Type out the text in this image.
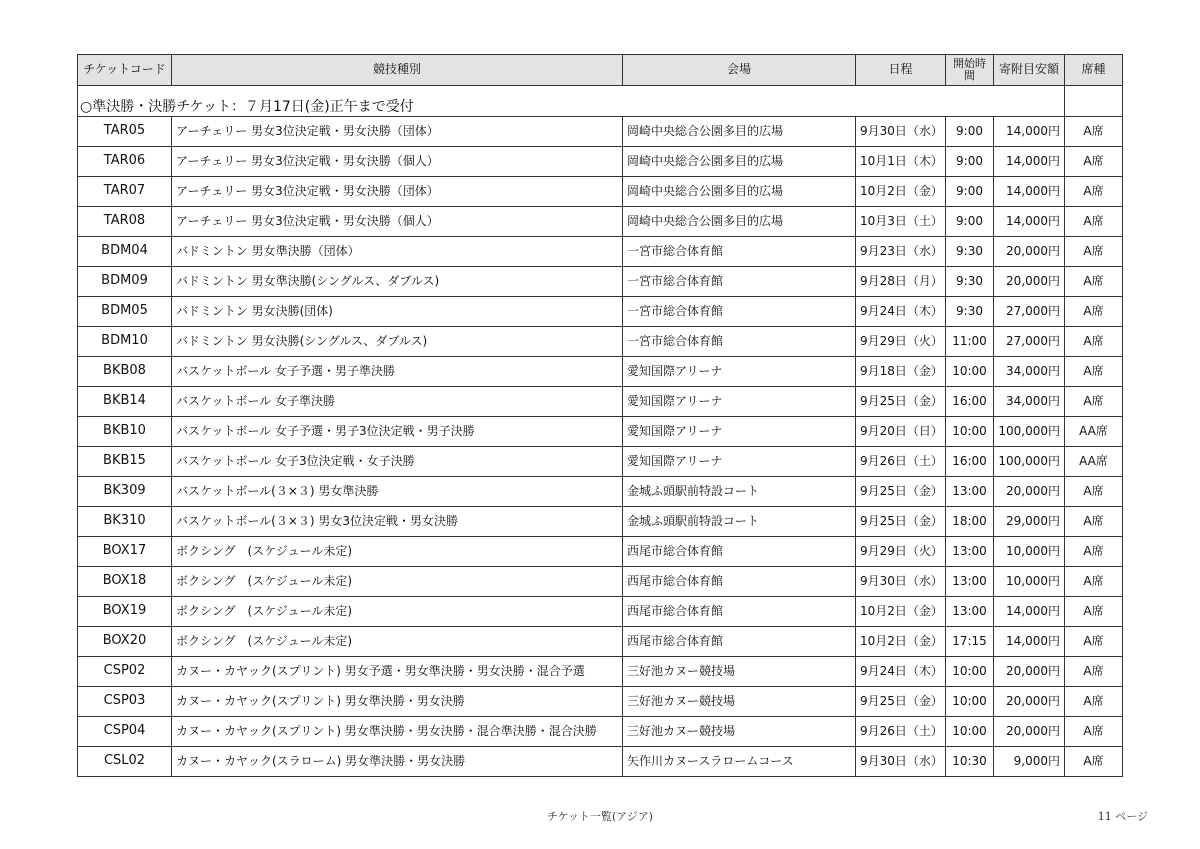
チケットコード	競技種別	会場	日程	開始時間	寄附目安額	席種
○準決勝・決勝チケット：７月17日(金)正午まで受付						
TAR05	アーチェリー 男女3位決定戦・男女決勝（団体）	岡崎中央総合公園多目的広場	9月30日（水）	9:00	14,000円	A席
TAR06	アーチェリー 男女3位決定戦・男女決勝（個人）	岡崎中央総合公園多目的広場	10月1日（木）	9:00	14,000円	A席
TAR07	アーチェリー 男女3位決定戦・男女決勝（団体）	岡崎中央総合公園多目的広場	10月2日（金）	9:00	14,000円	A席
TAR08	アーチェリー 男女3位決定戦・男女決勝（個人）	岡崎中央総合公園多目的広場	10月3日（土）	9:00	14,000円	A席
BDM04	バドミントン 男女準決勝（団体）	一宮市総合体育館	9月23日（水）	9:30	20,000円	A席
BDM09	バドミントン 男女準決勝(シングルス、ダブルス)	一宮市総合体育館	9月28日（月）	9:30	20,000円	A席
BDM05	バドミントン 男女決勝(団体)	一宮市総合体育館	9月24日（木）	9:30	27,000円	A席
BDM10	バドミントン 男女決勝(シングルス、ダブルス)	一宮市総合体育館	9月29日（火）	11:00	27,000円	A席
BKB08	バスケットボール 女子予選・男子準決勝	愛知国際アリーナ	9月18日（金）	10:00	34,000円	A席
BKB14	バスケットボール 女子準決勝	愛知国際アリーナ	9月25日（金）	16:00	34,000円	A席
BKB10	バスケットボール 女子予選・男子3位決定戦・男子決勝	愛知国際アリーナ	9月20日（日）	10:00	100,000円	AA席
BKB15	バスケットボール 女子3位決定戦・女子決勝	愛知国際アリーナ	9月26日（土）	16:00	100,000円	AA席
BK309	バスケットボール(３×３) 男女準決勝	金城ふ頭駅前特設コート	9月25日（金）	13:00	20,000円	A席
BK310	バスケットボール(３×３) 男女3位決定戦・男女決勝	金城ふ頭駅前特設コート	9月25日（金）	18:00	29,000円	A席
BOX17	ボクシング　(スケジュール未定)	西尾市総合体育館	9月29日（火）	13:00	10,000円	A席
BOX18	ボクシング　(スケジュール未定)	西尾市総合体育館	9月30日（水）	13:00	10,000円	A席
BOX19	ボクシング　(スケジュール未定)	西尾市総合体育館	10月2日（金）	13:00	14,000円	A席
BOX20	ボクシング　(スケジュール未定)	西尾市総合体育館	10月2日（金）	17:15	14,000円	A席
CSP02	カヌー・カヤック(スプリント) 男女予選・男女準決勝・男女決勝・混合予選	三好池カヌー競技場	9月24日（木）	10:00	20,000円	A席
CSP03	カヌー・カヤック(スプリント) 男女準決勝・男女決勝	三好池カヌー競技場	9月25日（金）	10:00	20,000円	A席
CSP04	カヌー・カヤック(スプリント) 男女準決勝・男女決勝・混合準決勝・混合決勝	三好池カヌー競技場	9月26日（土）	10:00	20,000円	A席
CSL02	カヌー・カヤック(スラローム) 男女準決勝・男女決勝	矢作川カヌースラロームコース	9月30日（水）	10:30	9,000円	A席
チケット一覧(アジア)	11 ページ
